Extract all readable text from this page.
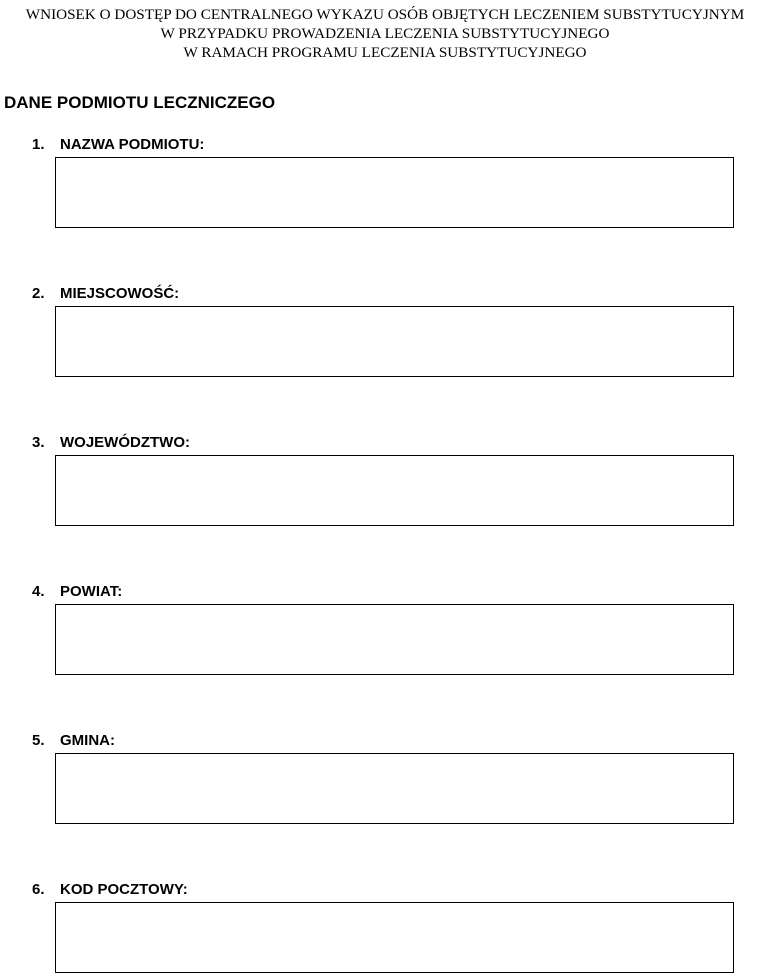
WNIOSEK O DOSTĘP DO CENTRALNEGO WYKAZU OSÓB OBJĘTYCH LECZENIEM SUBSTYTUCYJNYM
W PRZYPADKU PROWADZENIA LECZENIA SUBSTYTUCYJNEGO
W RAMACH PROGRAMU LECZENIA SUBSTYTUCYJNEGO
DANE PODMIOTU LECZNICZEGO
1. NAZWA PODMIOTU:
2. MIEJSCOWOŚĆ:
3. WOJEWÓDZTWO:
4. POWIAT:
5. GMINA:
6. KOD POCZTOWY:
